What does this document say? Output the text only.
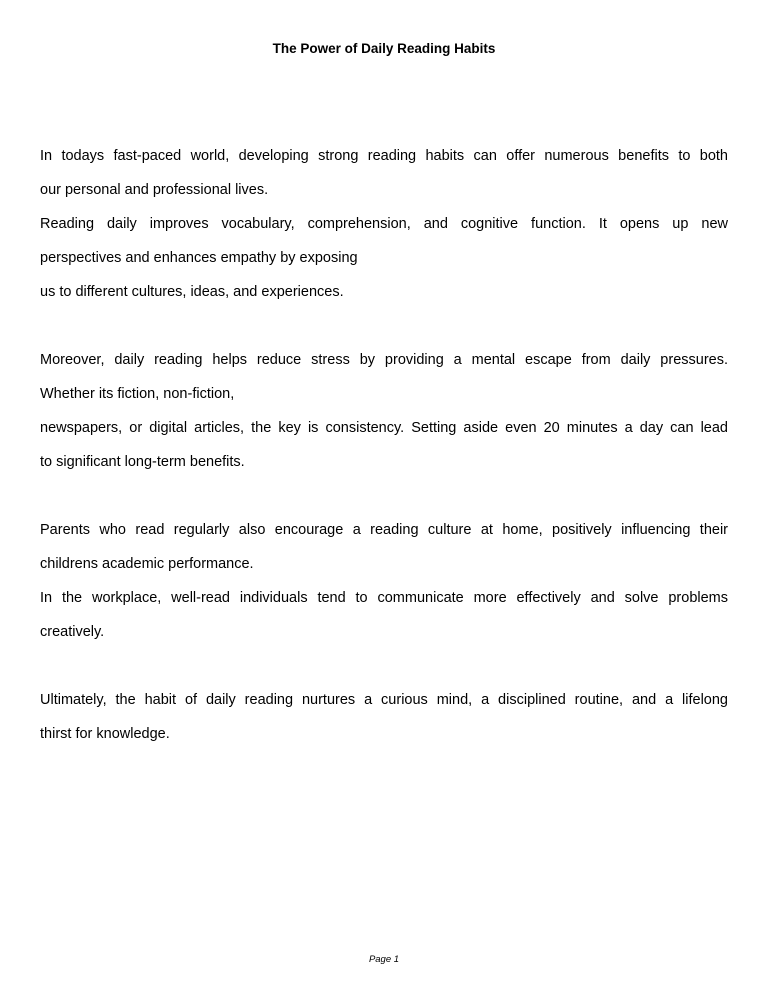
The Power of Daily Reading Habits
In todays fast-paced world, developing strong reading habits can offer numerous benefits to both
our personal and professional lives.
Reading daily improves vocabulary, comprehension, and cognitive function. It opens up new
perspectives and enhances empathy by exposing
us to different cultures, ideas, and experiences.
Moreover, daily reading helps reduce stress by providing a mental escape from daily pressures.
Whether its fiction, non-fiction,
newspapers, or digital articles, the key is consistency. Setting aside even 20 minutes a day can lead
to significant long-term benefits.
Parents who read regularly also encourage a reading culture at home, positively influencing their
childrens academic performance.
In the workplace, well-read individuals tend to communicate more effectively and solve problems
creatively.
Ultimately, the habit of daily reading nurtures a curious mind, a disciplined routine, and a lifelong
thirst for knowledge.
Page 1
